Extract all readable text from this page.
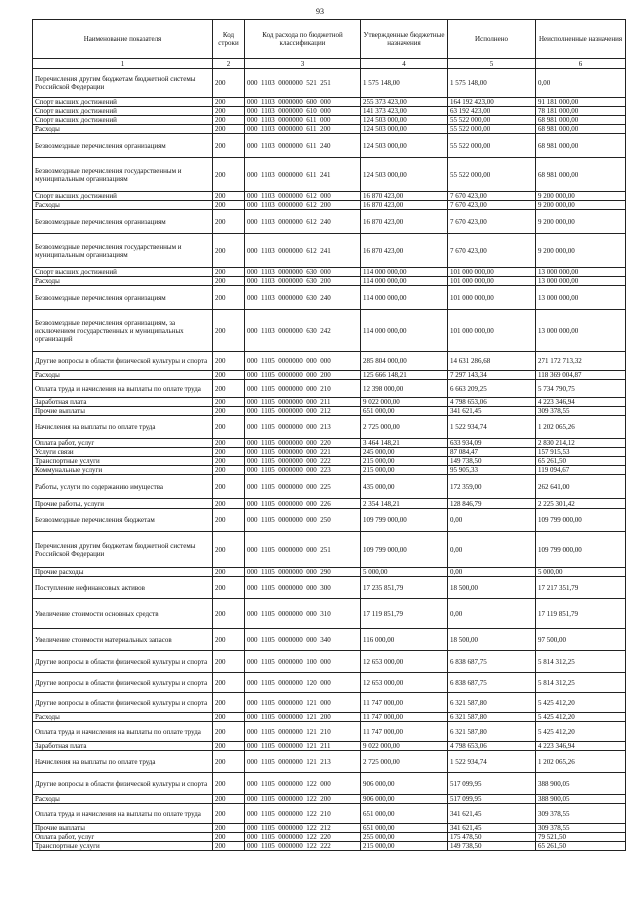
93
Наименование показателя	Код строки	Код расхода по бюджетной классификации	Утвержденные бюджетные назначения	Исполнено	Неисполненные назначения
1	2	3	4	5	6
Перечисления другим бюджетам бюджетной системы Российской Федерации	200	000  1103  0000000  521  251	1 575 148,00	1 575 148,00	0,00
Спорт высших достижений	200	000  1103  0000000  600  000	255 373 423,00	164 192 423,00	91 181 000,00
Спорт высших достижений	200	000  1103  0000000  610  000	141 373 423,00	63 192 423,00	78 181 000,00
Спорт высших достижений	200	000  1103  0000000  611  000	124 503 000,00	55 522 000,00	68 981 000,00
Расходы	200	000  1103  0000000  611  200	124 503 000,00	55 522 000,00	68 981 000,00
Безвозмездные перечисления организациям	200	000  1103  0000000  611  240	124 503 000,00	55 522 000,00	68 981 000,00
Безвозмездные перечисления государственным и муниципальным организациям	200	000  1103  0000000  611  241	124 503 000,00	55 522 000,00	68 981 000,00
Спорт высших достижений	200	000  1103  0000000  612  000	16 870 423,00	7 670 423,00	9 200 000,00
Расходы	200	000  1103  0000000  612  200	16 870 423,00	7 670 423,00	9 200 000,00
Безвозмездные перечисления организациям	200	000  1103  0000000  612  240	16 870 423,00	7 670 423,00	9 200 000,00
Безвозмездные перечисления государственным и муниципальным организациям	200	000  1103  0000000  612  241	16 870 423,00	7 670 423,00	9 200 000,00
Спорт высших достижений	200	000  1103  0000000  630  000	114 000 000,00	101 000 000,00	13 000 000,00
Расходы	200	000  1103  0000000  630  200	114 000 000,00	101 000 000,00	13 000 000,00
Безвозмездные перечисления организациям	200	000  1103  0000000  630  240	114 000 000,00	101 000 000,00	13 000 000,00
Безвозмездные перечисления организациям, за исключением государственных и муниципальных организаций	200	000  1103  0000000  630  242	114 000 000,00	101 000 000,00	13 000 000,00
Другие вопросы в области физической культуры и спорта	200	000  1105  0000000  000  000	285 804 000,00	14 631 286,68	271 172 713,32
Расходы	200	000  1105  0000000  000  200	125 666 148,21	7 297 143,34	118 369 004,87
Оплата труда и начисления на выплаты по оплате труда	200	000  1105  0000000  000  210	12 398 000,00	6 663 209,25	5 734 790,75
Заработная плата	200	000  1105  0000000  000  211	9 022 000,00	4 798 653,06	4 223 346,94
Прочие выплаты	200	000  1105  0000000  000  212	651 000,00	341 621,45	309 378,55
Начисления на выплаты по оплате труда	200	000  1105  0000000  000  213	2 725 000,00	1 522 934,74	1 202 065,26
Оплата работ, услуг	200	000  1105  0000000  000  220	3 464 148,21	633 934,09	2 830 214,12
Услуги связи	200	000  1105  0000000  000  221	245 000,00	87 084,47	157 915,53
Транспортные услуги	200	000  1105  0000000  000  222	215 000,00	149 738,50	65 261,50
Коммунальные услуги	200	000  1105  0000000  000  223	215 000,00	95 905,33	119 094,67
Работы, услуги по содержанию имущества	200	000  1105  0000000  000  225	435 000,00	172 359,00	262 641,00
Прочие работы, услуги	200	000  1105  0000000  000  226	2 354 148,21	128 846,79	2 225 301,42
Безвозмездные перечисления бюджетам	200	000  1105  0000000  000  250	109 799 000,00	0,00	109 799 000,00
Перечисления другим бюджетам бюджетной системы Российской Федерации	200	000  1105  0000000  000  251	109 799 000,00	0,00	109 799 000,00
Прочие расходы	200	000  1105  0000000  000  290	5 000,00	0,00	5 000,00
Поступление нефинансовых активов	200	000  1105  0000000  000  300	17 235 851,79	18 500,00	17 217 351,79
Увеличение стоимости основных средств	200	000  1105  0000000  000  310	17 119 851,79	0,00	17 119 851,79
Увеличение стоимости материальных запасов	200	000  1105  0000000  000  340	116 000,00	18 500,00	97 500,00
Другие вопросы в области физической культуры и спорта	200	000  1105  0000000  100  000	12 653 000,00	6 838 687,75	5 814 312,25
Другие вопросы в области физической культуры и спорта	200	000  1105  0000000  120  000	12 653 000,00	6 838 687,75	5 814 312,25
Другие вопросы в области физической культуры и спорта	200	000  1105  0000000  121  000	11 747 000,00	6 321 587,80	5 425 412,20
Расходы	200	000  1105  0000000  121  200	11 747 000,00	6 321 587,80	5 425 412,20
Оплата труда и начисления на выплаты по оплате труда	200	000  1105  0000000  121  210	11 747 000,00	6 321 587,80	5 425 412,20
Заработная плата	200	000  1105  0000000  121  211	9 022 000,00	4 798 653,06	4 223 346,94
Начисления на выплаты по оплате труда	200	000  1105  0000000  121  213	2 725 000,00	1 522 934,74	1 202 065,26
Другие вопросы в области физической культуры и спорта	200	000  1105  0000000  122  000	906 000,00	517 099,95	388 900,05
Расходы	200	000  1105  0000000  122  200	906 000,00	517 099,95	388 900,05
Оплата труда и начисления на выплаты по оплате труда	200	000  1105  0000000  122  210	651 000,00	341 621,45	309 378,55
Прочие выплаты	200	000  1105  0000000  122  212	651 000,00	341 621,45	309 378,55
Оплата работ, услуг	200	000  1105  0000000  122  220	255 000,00	175 478,50	79 521,50
Транспортные услуги	200	000  1105  0000000  122  222	215 000,00	149 738,50	65 261,50
